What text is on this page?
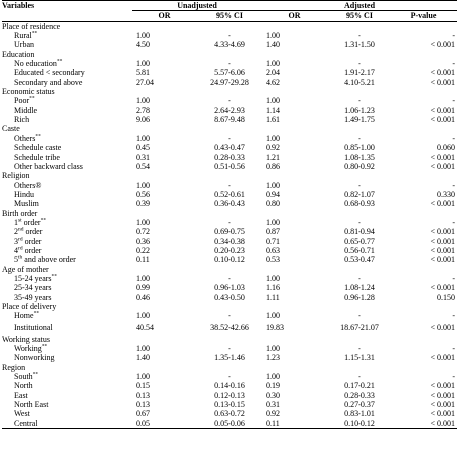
Variables	Unadjusted		Adjusted		
	OR	95% CI	OR	95% CI	P-value
Place of residence					
Rural**	1.00	-	1.00	-	-
Urban	4.50	4.33-4.69	1.40	1.31-1.50	< 0.001
Education					
No education**	1.00	-	1.00	-	-
Educated < secondary	5.81	5.57-6.06	2.04	1.91-2.17	< 0.001
Secondary and above	27.04	24.97-29.28	4.62	4.10-5.21	< 0.001
Economic status					
Poor**	1.00	-	1.00	-	-
Middle	2.78	2.64-2.93	1.14	1.06-1.23	< 0.001
Rich	9.06	8.67-9.48	1.61	1.49-1.75	< 0.001
Caste					
Others**	1.00	-	1.00	-	-
Schedule caste	0.45	0.43-0.47	0.92	0.85-1.00	0.060
Schedule tribe	0.31	0.28-0.33	1.21	1.08-1.35	< 0.001
Other backward class	0.54	0.51-0.56	0.86	0.80-0.92	< 0.001
Religion					
Others®	1.00	-	1.00	-	-
Hindu	0.56	0.52-0.61	0.94	0.82-1.07	0.330
Muslim	0.39	0.36-0.43	0.80	0.68-0.93	< 0.001
Birth order					
1st order**	1.00	-	1.00	-	-
2nd order	0.72	0.69-0.75	0.87	0.81-0.94	< 0.001
3rd order	0.36	0.34-0.38	0.71	0.65-0.77	< 0.001
4rd order	0.22	0.20-0.23	0.63	0.56-0.71	< 0.001
5th and above order	0.11	0.10-0.12	0.53	0.53-0.47	< 0.001
Age of mother					
15-24 years**	1.00	-	1.00	-	-
25-34 years	0.99	0.96-1.03	1.16	1.08-1.24	< 0.001
35-49 years	0.46	0.43-0.50	1.11	0.96-1.28	0.150
Place of delivery					
Home**	1.00	-	1.00	-	-
Institutional	40.54	38.52-42.66	19.83	18.67-21.07	< 0.001
Working status					
Working**	1.00	-	1.00	-	-
Nonworking	1.40	1.35-1.46	1.23	1.15-1.31	< 0.001
Region					
South**	1.00	-	1.00	-	-
North	0.15	0.14-0.16	0.19	0.17-0.21	< 0.001
East	0.13	0.12-0.13	0.30	0.28-0.33	< 0.001
North East	0.13	0.13-0.15	0.31	0.27-0.37	< 0.001
West	0.67	0.63-0.72	0.92	0.83-1.01	< 0.001
Central	0.05	0.05-0.06	0.11	0.10-0.12	< 0.001
